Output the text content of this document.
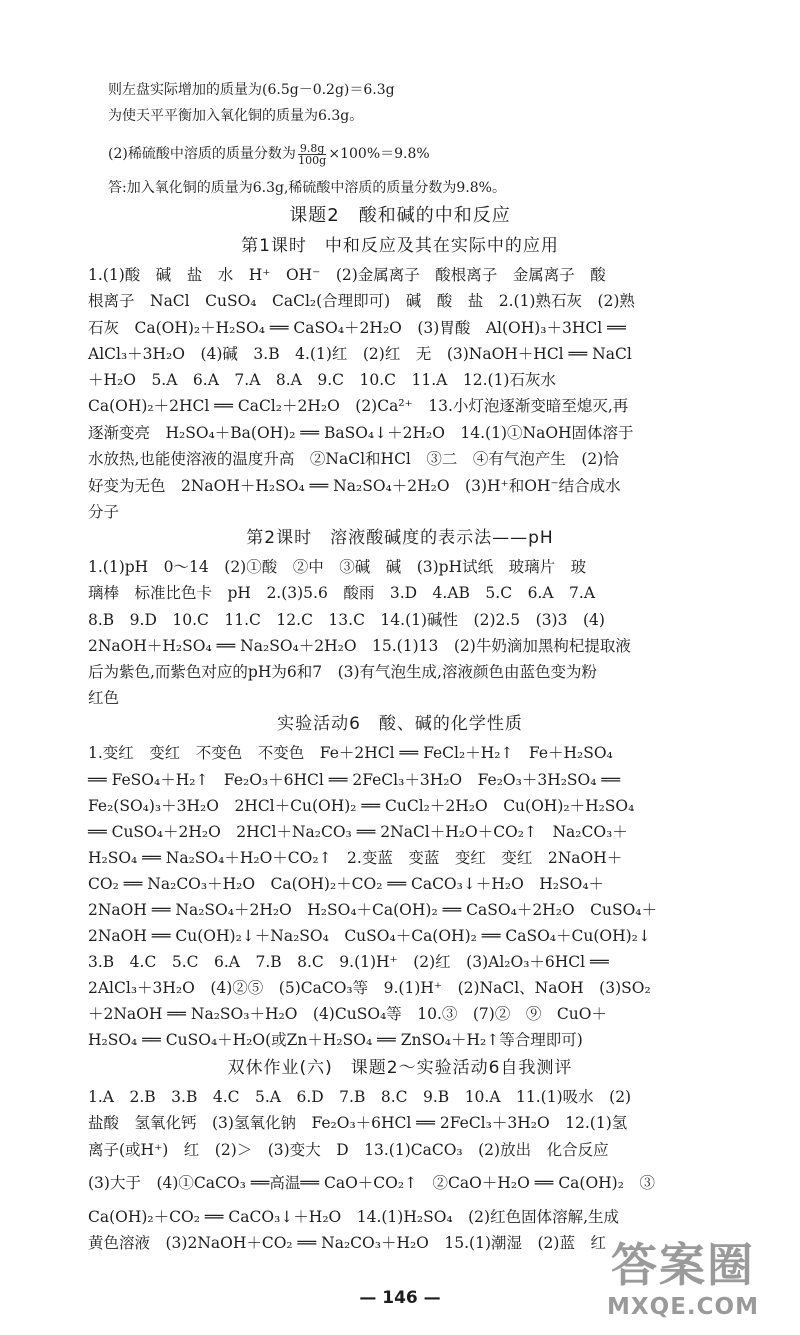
则左盘实际增加的质量为(6.5g－0.2g)＝6.3g
为使天平平衡加入氧化铜的质量为6.3g。
(2)稀硫酸中溶质的质量分数为 $\frac{9.8g}{100g} \times 100\%=9.8\%$
答:加入氧化铜的质量为6.3g,稀硫酸中溶质的质量分数为9.8%。
课题2　酸和碱的中和反应
第1课时　中和反应及其在实际中的应用
1.(1)酸　碱　盐　水　H⁺　OH⁻　(2)金属离子　酸根离子　金属离子　酸
根离子　NaCl　CuSO₄　CaCl₂(合理即可)　碱　酸　盐　2.(1)熟石灰　(2)熟
石灰　Ca(OH)₂＋H₂SO₄ ══ CaSO₄＋2H₂O　(3)胃酸　Al(OH)₃＋3HCl ══
AlCl₃＋3H₂O　(4)碱　3.B　4.(1)红　(2)红　无　(3)NaOH＋HCl ══ NaCl
＋H₂O　5.A　6.A　7.A　8.A　9.C　10.C　11.A　12.(1)石灰水
Ca(OH)₂＋2HCl ══ CaCl₂＋2H₂O　(2)Ca²⁺　13.小灯泡逐渐变暗至熄灭,再
逐渐变亮　H₂SO₄＋Ba(OH)₂ ══ BaSO₄↓＋2H₂O　14.(1)①NaOH固体溶于
水放热,也能使溶液的温度升高　②NaCl和HCl　③二　④有气泡产生　(2)恰
好变为无色　2NaOH＋H₂SO₄ ══ Na₂SO₄＋2H₂O　(3)H⁺和OH⁻结合成水
分子
第2课时　溶液酸碱度的表示法——pH
1.(1)pH　0～14　(2)①酸　②中　③碱　碱　(3)pH试纸　玻璃片　玻
璃棒　标准比色卡　pH　2.(3)5.6　酸雨　3.D　4.AB　5.C　6.A　7.A
8.B　9.D　10.C　11.C　12.C　13.C　14.(1)碱性　(2)2.5　(3)3　(4)
2NaOH＋H₂SO₄ ══ Na₂SO₄＋2H₂O　15.(1)13　(2)牛奶滴加黑枸杞提取液
后为紫色,而紫色对应的pH为6和7　(3)有气泡生成,溶液颜色由蓝色变为粉
红色
实验活动6　酸、碱的化学性质
1.变红　变红　不变色　不变色　Fe＋2HCl ══ FeCl₂＋H₂↑　Fe＋H₂SO₄
══ FeSO₄＋H₂↑　Fe₂O₃＋6HCl ══ 2FeCl₃＋3H₂O　Fe₂O₃＋3H₂SO₄ ══
Fe₂(SO₄)₃＋3H₂O　2HCl＋Cu(OH)₂ ══ CuCl₂＋2H₂O　Cu(OH)₂＋H₂SO₄
══ CuSO₄＋2H₂O　2HCl＋Na₂CO₃ ══ 2NaCl＋H₂O＋CO₂↑　Na₂CO₃＋
H₂SO₄ ══ Na₂SO₄＋H₂O＋CO₂↑　2.变蓝　变蓝　变红　变红　2NaOH＋
CO₂ ══ Na₂CO₃＋H₂O　Ca(OH)₂＋CO₂ ══ CaCO₃↓＋H₂O　H₂SO₄＋
2NaOH ══ Na₂SO₄＋2H₂O　H₂SO₄＋Ca(OH)₂ ══ CaSO₄＋2H₂O　CuSO₄＋
2NaOH ══ Cu(OH)₂↓＋Na₂SO₄　CuSO₄＋Ca(OH)₂ ══ CaSO₄＋Cu(OH)₂↓
3.B　4.C　5.C　6.A　7.B　8.C　9.(1)H⁺　(2)红　(3)Al₂O₃＋6HCl ══
2AlCl₃＋3H₂O　(4)②⑤　(5)CaCO₃等　9.(1)H⁺　(2)NaCl、NaOH　(3)SO₂
＋2NaOH ══ Na₂SO₃＋H₂O　(4)CuSO₄等　10.③　(7)②　⑨　CuO＋
H₂SO₄ ══ CuSO₄＋H₂O(或Zn＋H₂SO₄ ══ ZnSO₄＋H₂↑等合理即可)
双休作业(六)　课题2～实验活动6自我测评
1.A　2.B　3.B　4.C　5.A　6.D　7.B　8.C　9.B　10.A　11.(1)吸水　(2)
盐酸　氢氧化钙　(3)氢氧化钠　Fe₂O₃＋6HCl ══ 2FeCl₃＋3H₂O　12.(1)氢
离子(或H⁺)　红　(2)＞　(3)变大　D　13.(1)CaCO₃　(2)放出　化合反应
(3)大于　(4)①CaCO₃ ══高温══ CaO＋CO₂↑　②CaO＋H₂O ══ Ca(OH)₂　③
Ca(OH)₂＋CO₂ ══ CaCO₃↓＋H₂O　14.(1)H₂SO₄　(2)红色固体溶解,生成
黄色溶液　(3)2NaOH＋CO₂ ══ Na₂CO₃＋H₂O　15.(1)潮湿　(2)蓝　红
— 146 —
答案圈
MXQE.COM
